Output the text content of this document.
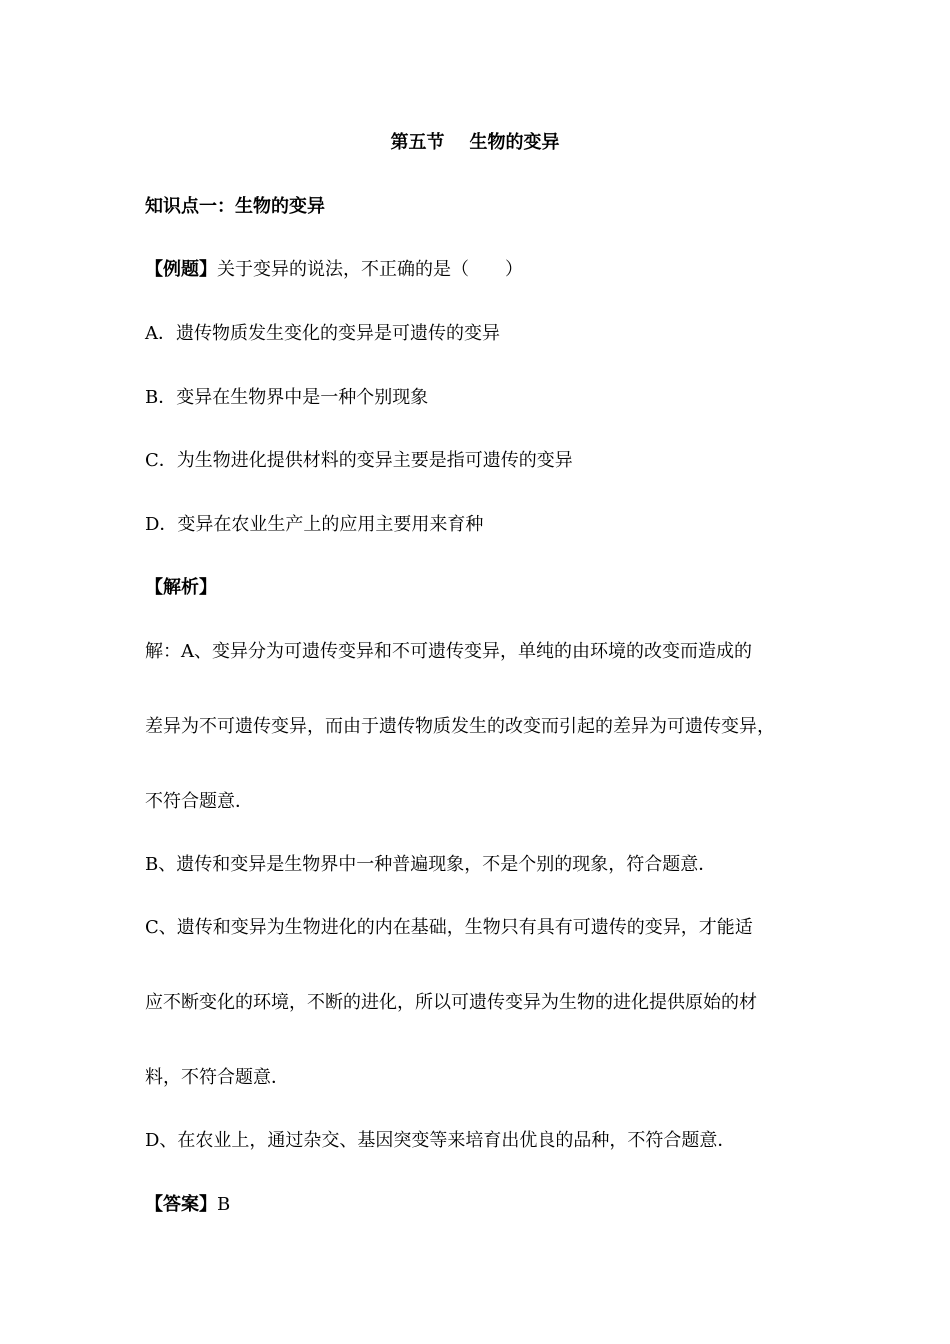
第五节    生物的变异
知识点一：生物的变异
【例题】关于变异的说法，不正确的是（　　）
A．遗传物质发生变化的变异是可遗传的变异
B．变异在生物界中是一种个别现象
C．为生物进化提供材料的变异主要是指可遗传的变异
D．变异在农业生产上的应用主要用来育种
【解析】
解：A、变异分为可遗传变异和不可遗传变异，单纯的由环境的改变而造成的
差异为不可遗传变异，而由于遗传物质发生的改变而引起的差异为可遗传变异，
不符合题意．
B、遗传和变异是生物界中一种普遍现象，不是个别的现象，符合题意．
C、遗传和变异为生物进化的内在基础，生物只有具有可遗传的变异，才能适
应不断变化的环境，不断的进化，所以可遗传变异为生物的进化提供原始的材
料，不符合题意．
D、在农业上，通过杂交、基因突变等来培育出优良的品种，不符合题意．
【答案】B
